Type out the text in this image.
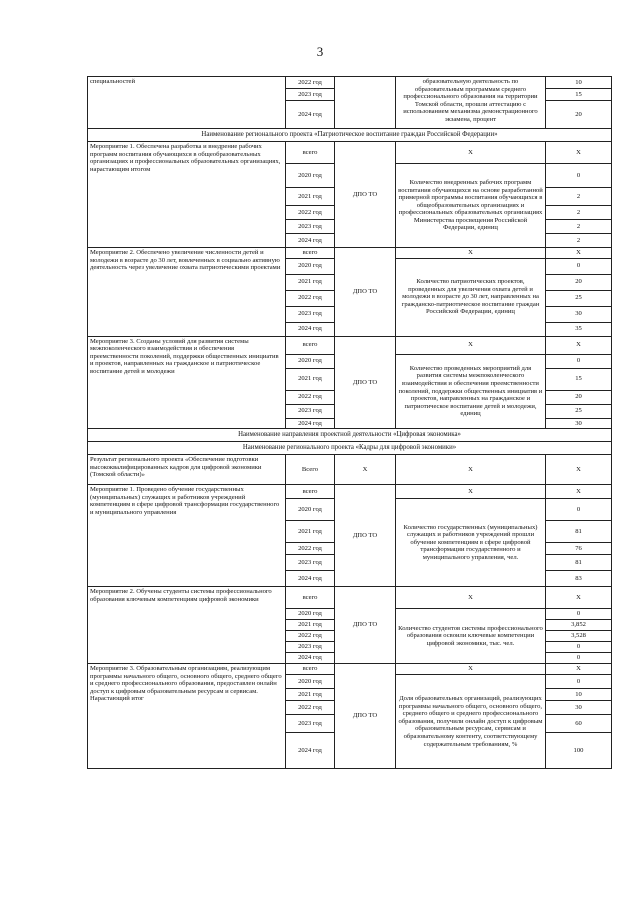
3
специальностей	2022 год		образовательную деятельность по образовательным программам среднего профессионального образования на территории Томской области, прошли аттестацию с использованием механизма демонстрационного экзамена, процент	10
	2023 год			15
	2024 год			20
Наименование регионального проекта «Патриотическое воспитание граждан Российской Федерации»				
Мероприятие 1. Обеспечена разработка и внедрение рабочих программ воспитания обучающихся в общеобразовательных организациях и профессиональных образовательных организациях, нарастающим итогом	всего	ДПО ТО	Х	Х
	2020 год		Количество внедренных рабочих программ воспитания обучающихся на основе разработанной примерной программы воспитания обучающихся в общеобразовательных организациях и профессиональных образовательных организациях Министерства просвещения Российской Федерации, единиц	0
	2021 год			2
	2022 год			2
	2023 год			2
	2024 год			2
Мероприятие 2. Обеспечено увеличение численности детей и молодежи в возрасте до 30 лет, вовлеченных в социально активную деятельность через увеличение охвата патриотическими проектами	всего	ДПО ТО	Х	Х
	2020 год		Количество патриотических проектов, проведенных для увеличения охвата детей и молодежи в возрасте до 30 лет, направленных на гражданско-патриотическое воспитание граждан Российской Федерации, единиц	0
	2021 год			20
	2022 год			25
	2023 год			30
	2024 год			35
Мероприятие 3. Созданы условий для развития системы межпоколенческого взаимодействия и обеспечения преемственности поколений, поддержки общественных инициатив и проектов, направленных на гражданское и патриотическое воспитание детей и молодежи	всего	ДПО ТО	Х	Х
	2020 год		Количество проведенных мероприятий для развития системы межпоколенческого взаимодействия и обеспечения преемственности поколений, поддержки общественных инициатив и проектов, направленных на гражданское и патриотическое воспитание детей и молодежи, единиц	0
	2021 год			15
	2022 год			20
	2023 год			25
	2024 год			30
Наименование направления проектной деятельности «Цифровая экономика»				
Наименование регионального проекта «Кадры для цифровой экономики»				
Результат регионального проекта «Обеспечение подготовки высококвалифицированных кадров для цифровой экономики (Томской области)»	Всего	Х	Х	Х
Мероприятие 1. Проведено обучение государственных (муниципальных) служащих и работников учреждений компетенциям в сфере цифровой трансформации государственного и муниципального управления	всего	ДПО ТО	Х	Х
	2020 год		Количество государственных (муниципальных) служащих и работников учреждений прошли обучение компетенциям в сфере цифровой трансформации государственного и муниципального управления, чел.	0
	2021 год			81
	2022 год			76
	2023 год			81
	2024 год			83
Мероприятие 2. Обучены студенты системы профессионального образования ключевым компетенциям цифровой экономики	всего	ДПО ТО	Х	Х
	2020 год		Количество студентов системы профессионального образования освоили ключевые компетенции цифровой экономики, тыс. чел.	0
	2021 год			3,852
	2022 год			3,528
	2023 год			0
	2024 год			0
Мероприятие 3. Образовательным организациям, реализующим программы начального общего, основного общего, среднего общего и среднего профессионального образования, предоставлен онлайн доступ к цифровым образовательным ресурсам и сервисам. Нарастающий итог	всего	ДПО ТО	Х	Х
	2020 год		Доля образовательных организаций, реализующих программы начального общего, основного общего, среднего общего и среднего профессионального образования, получили онлайн доступ к цифровым образовательным ресурсам, сервисам и образовательному контенту, соответствующему содержательным требованиям, %	0
	2021 год			10
	2022 год			30
	2023 год			60
	2024 год			100
